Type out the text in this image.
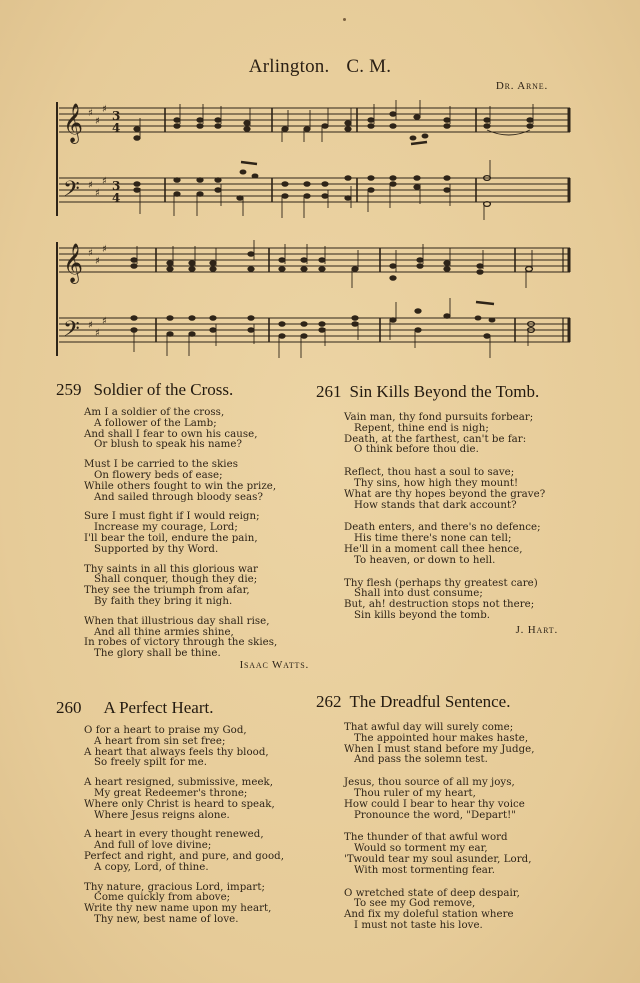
Arlington. C. M.
Dr. Arne.
𝄞
𝄢
♯
♯
♯
♯
♯
♯
3
4
3
4
𝄞
𝄢
♯
♯
♯
♯
♯
♯
259 Soldier of the Cross.
Am I a soldier of the cross,
A follower of the Lamb;
And shall I fear to own his cause,
Or blush to speak his name?
Must I be carried to the skies
On flowery beds of ease;
While others fought to win the prize,
And sailed through bloody seas?
Sure I must fight if I would reign;
Increase my courage, Lord;
I'll bear the toil, endure the pain,
Supported by thy Word.
Thy saints in all this glorious war
Shall conquer, though they die;
They see the triumph from afar,
By faith they bring it nigh.
When that illustrious day shall rise,
And all thine armies shine,
In robes of victory through the skies,
The glory shall be thine.
Isaac Watts.
260 A Perfect Heart.
O for a heart to praise my God,
A heart from sin set free;
A heart that always feels thy blood,
So freely spilt for me.
A heart resigned, submissive, meek,
My great Redeemer's throne;
Where only Christ is heard to speak,
Where Jesus reigns alone.
A heart in every thought renewed,
And full of love divine;
Perfect and right, and pure, and good,
A copy, Lord, of thine.
Thy nature, gracious Lord, impart;
Come quickly from above;
Write thy new name upon my heart,
Thy new, best name of love.
261 Sin Kills Beyond the Tomb.
Vain man, thy fond pursuits forbear;
Repent, thine end is nigh;
Death, at the farthest, can't be far:
O think before thou die.
Reflect, thou hast a soul to save;
Thy sins, how high they mount!
What are thy hopes beyond the grave?
How stands that dark account?
Death enters, and there's no defence;
His time there's none can tell;
He'll in a moment call thee hence,
To heaven, or down to hell.
Thy flesh (perhaps thy greatest care)
Shall into dust consume;
But, ah! destruction stops not there;
Sin kills beyond the tomb.
J. Hart.
262 The Dreadful Sentence.
That awful day will surely come;
The appointed hour makes haste,
When I must stand before my Judge,
And pass the solemn test.
Jesus, thou source of all my joys,
Thou ruler of my heart,
How could I bear to hear thy voice
Pronounce the word, "Depart!"
The thunder of that awful word
Would so torment my ear,
'Twould tear my soul asunder, Lord,
With most tormenting fear.
O wretched state of deep despair,
To see my God remove,
And fix my doleful station where
I must not taste his love.
